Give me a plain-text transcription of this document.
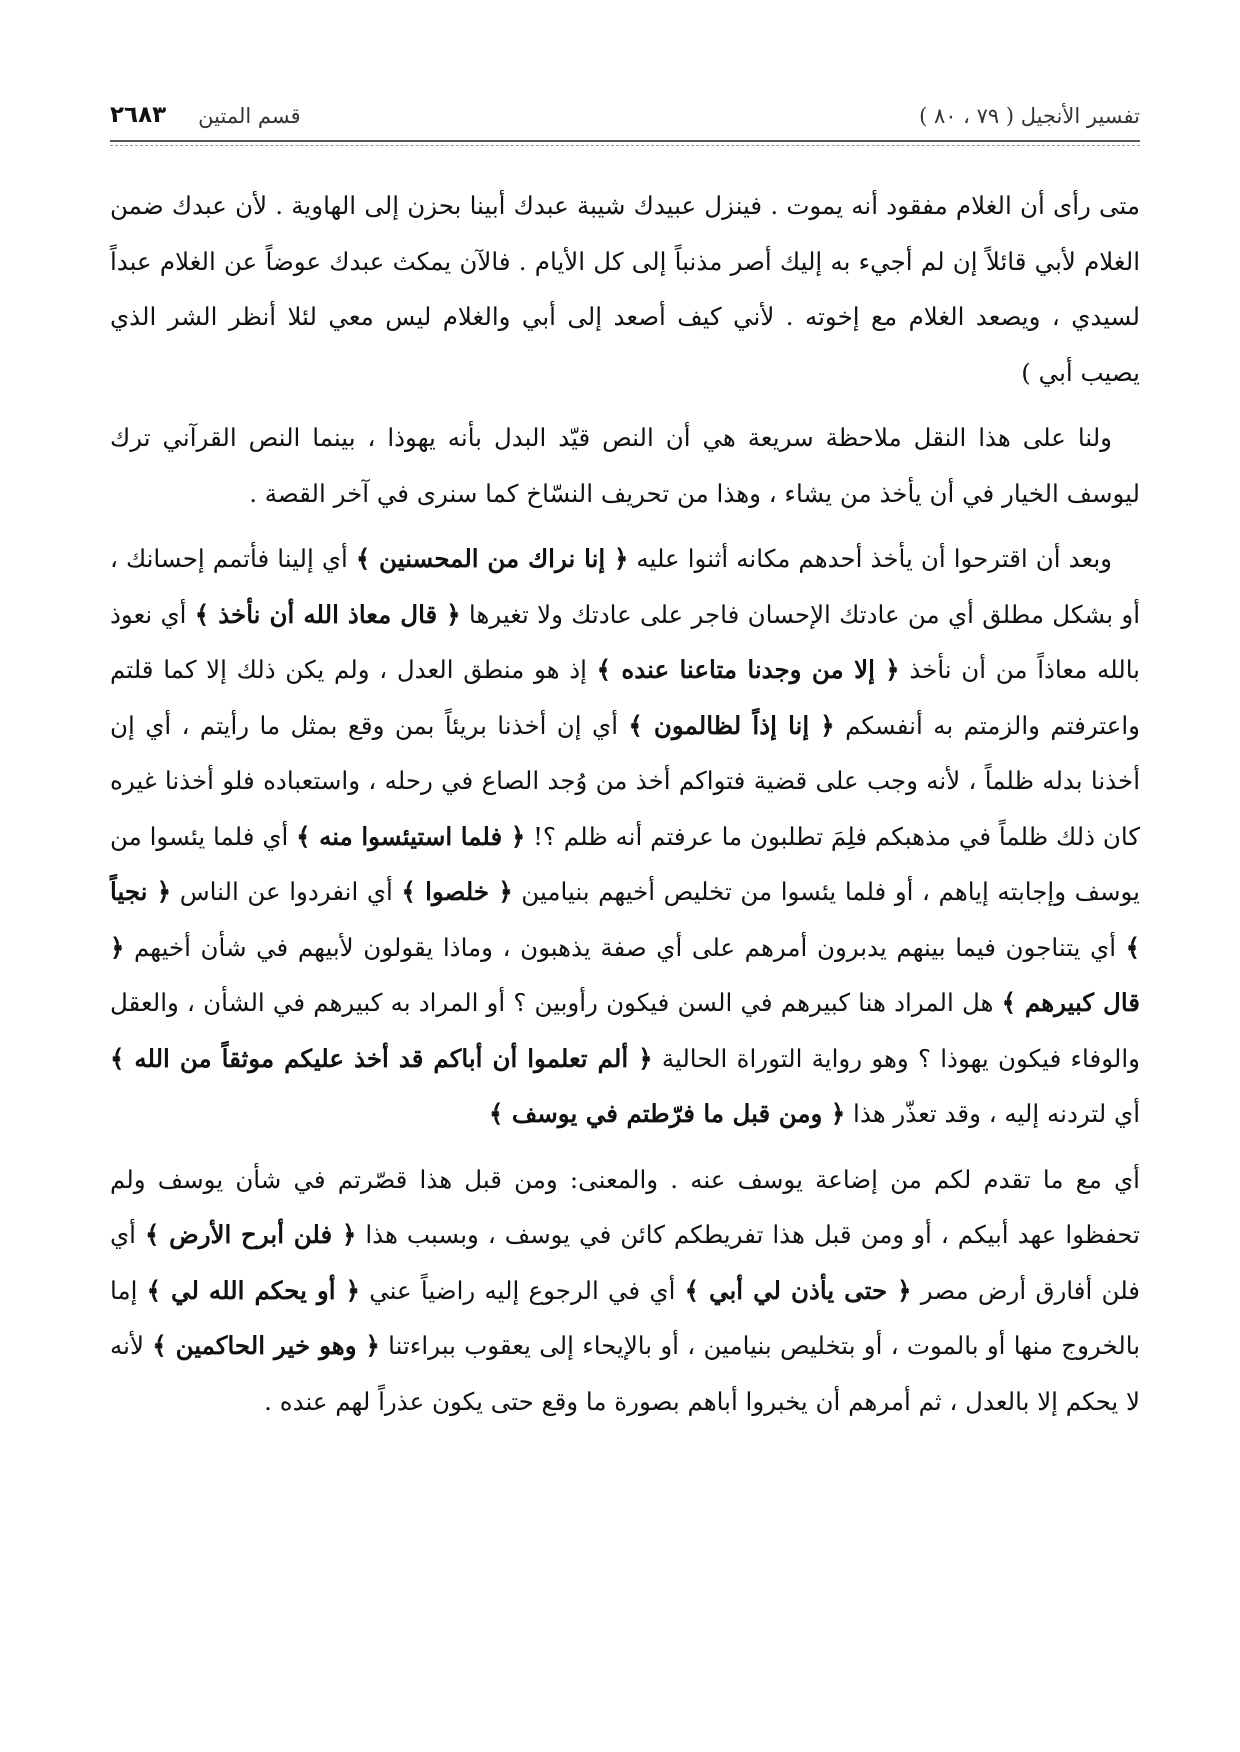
تفسير الأنجيل ( ٧٩ ، ٨٠ )
قسم المتين
٢٦٨٣

متى رأى أن الغلام مفقود أنه يموت . فينزل عبيدك شيبة عبدك أبينا بحزن إلى الهاوية . لأن عبدك ضمن الغلام لأبي قائلاً إن لم أجيء به إليك أصر مذنباً إلى كل الأيام . فالآن يمكث عبدك عوضاً عن الغلام عبداً لسيدي ، ويصعد الغلام مع إخوته . لأني كيف أصعد إلى أبي والغلام ليس معي لئلا أنظر الشر الذي يصيب أبي )

ولنا على هذا النقل ملاحظة سريعة هي أن النص قيّد البدل بأنه يهوذا ، بينما النص القرآني ترك ليوسف الخيار في أن يأخذ من يشاء ، وهذا من تحريف النسّاخ كما سنرى في آخر القصة .

وبعد أن اقترحوا أن يأخذ أحدهم مكانه أثنوا عليه ﴿ إنا نراك من المحسنين ﴾ أي إلينا فأتمم إحسانك ، أو بشكل مطلق أي من عادتك الإحسان فاجر على عادتك ولا تغيرها ﴿ قال معاذ الله أن نأخذ ﴾ أي نعوذ بالله معاذاً من أن نأخذ ﴿ إلا من وجدنا متاعنا عنده ﴾ إذ هو منطق العدل ، ولم يكن ذلك إلا كما قلتم واعترفتم والزمتم به أنفسكم ﴿ إنا إذاً لظالمون ﴾ أي إن أخذنا بريئاً بمن وقع بمثل ما رأيتم ، أي إن أخذنا بدله ظلماً ، لأنه وجب على قضية فتواكم أخذ من وُجد الصاع في رحله ، واستعباده فلو أخذنا غيره كان ذلك ظلماً في مذهبكم فلِمَ تطلبون ما عرفتم أنه ظلم ؟! ﴿ فلما استيئسوا منه ﴾ أي فلما يئسوا من يوسف وإجابته إياهم ، أو فلما يئسوا من تخليص أخيهم بنيامين ﴿ خلصوا ﴾ أي انفردوا عن الناس ﴿ نجياً ﴾ أي يتناجون فيما بينهم يدبرون أمرهم على أي صفة يذهبون ، وماذا يقولون لأبيهم في شأن أخيهم ﴿ قال كبيرهم ﴾ هل المراد هنا كبيرهم في السن فيكون رأوبين ؟ أو المراد به كبيرهم في الشأن ، والعقل والوفاء فيكون يهوذا ؟ وهو رواية التوراة الحالية ﴿ ألم تعلموا أن أباكم قد أخذ عليكم موثقاً من الله ﴾ أي لتردنه إليه ، وقد تعذّر هذا ﴿ ومن قبل ما فرّطتم في يوسف ﴾

أي مع ما تقدم لكم من إضاعة يوسف عنه . والمعنى: ومن قبل هذا قصّرتم في شأن يوسف ولم تحفظوا عهد أبيكم ، أو ومن قبل هذا تفريطكم كائن في يوسف ، وبسبب هذا ﴿ فلن أبرح الأرض ﴾ أي فلن أفارق أرض مصر ﴿ حتى يأذن لي أبي ﴾ أي في الرجوع إليه راضياً عني ﴿ أو يحكم الله لي ﴾ إما بالخروج منها أو بالموت ، أو بتخليص بنيامين ، أو بالإيحاء إلى يعقوب ببراءتنا ﴿ وهو خير الحاكمين ﴾ لأنه لا يحكم إلا بالعدل ، ثم أمرهم أن يخبروا أباهم بصورة ما وقع حتى يكون عذراً لهم عنده .
